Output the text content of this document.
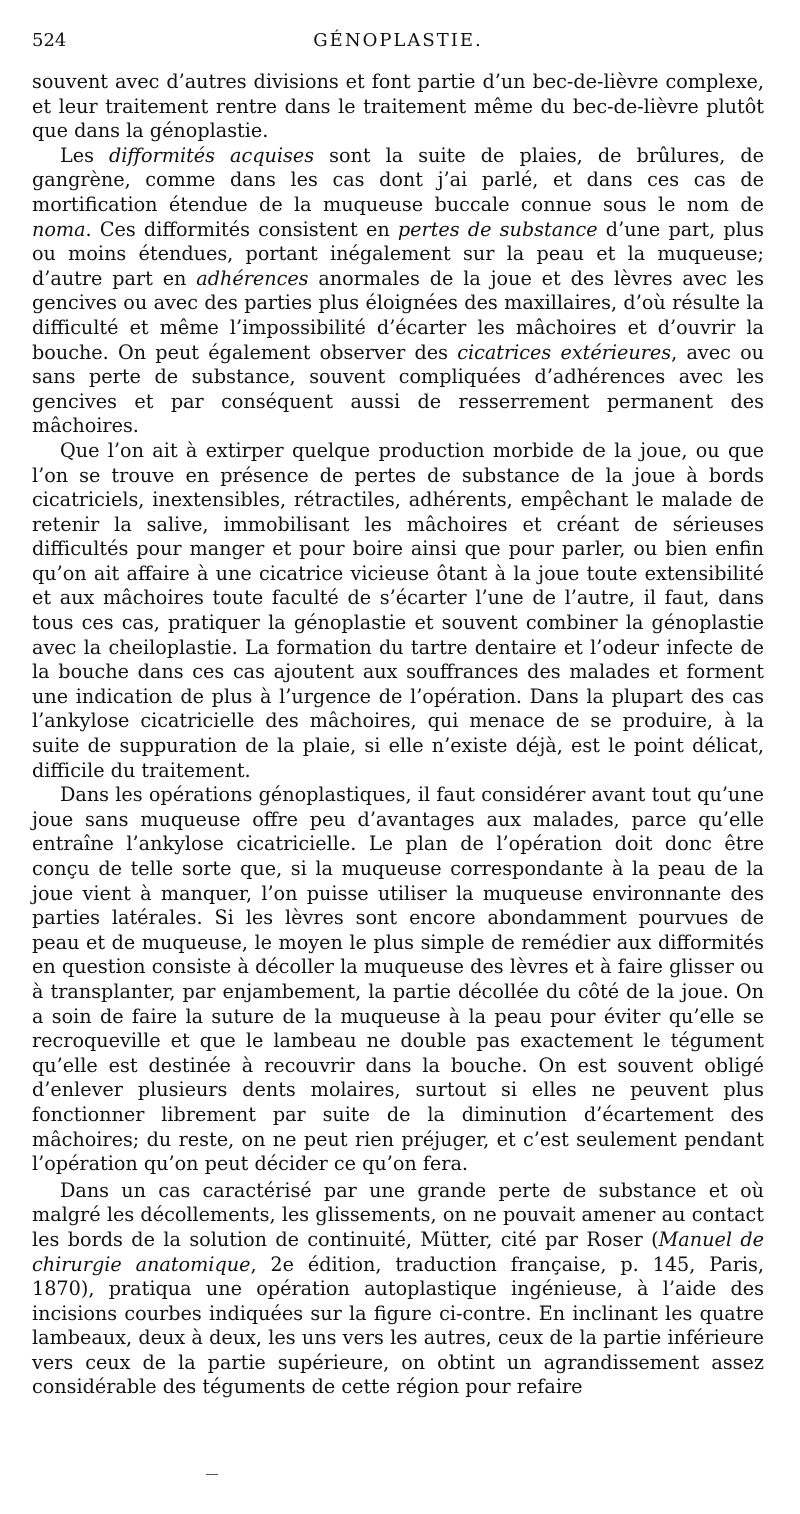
524	GÉNOPLASTIE.

souvent avec d’autres divisions et font partie d’un bec-de-lièvre complexe, et leur traitement rentre dans le traitement même du bec-de-lièvre plutôt que dans la génoplastie.

Les difformités acquises sont la suite de plaies, de brûlures, de gangrène, comme dans les cas dont j’ai parlé, et dans ces cas de mortification étendue de la muqueuse buccale connue sous le nom de noma. Ces difformités consistent en pertes de substance d’une part, plus ou moins étendues, portant inégalement sur la peau et la muqueuse; d’autre part en adhérences anormales de la joue et des lèvres avec les gencives ou avec des parties plus éloignées des maxillaires, d’où résulte la difficulté et même l’impossibilité d’écarter les mâchoires et d’ouvrir la bouche. On peut également observer des cicatrices extérieures, avec ou sans perte de substance, souvent compliquées d’adhérences avec les gencives et par conséquent aussi de resserrement permanent des mâchoires.

Que l’on ait à extirper quelque production morbide de la joue, ou que l’on se trouve en présence de pertes de substance de la joue à bords cicatriciels, inextensibles, rétractiles, adhérents, empêchant le malade de retenir la salive, immobilisant les mâchoires et créant de sérieuses difficultés pour manger et pour boire ainsi que pour parler, ou bien enfin qu’on ait affaire à une cicatrice vicieuse ôtant à la joue toute extensibilité et aux mâchoires toute faculté de s’écarter l’une de l’autre, il faut, dans tous ces cas, pratiquer la génoplastie et souvent combiner la génoplastie avec la cheiloplastie. La formation du tartre dentaire et l’odeur infecte de la bouche dans ces cas ajoutent aux souffrances des malades et forment une indication de plus à l’urgence de l’opération. Dans la plupart des cas l’ankylose cicatricielle des mâchoires, qui menace de se produire, à la suite de suppuration de la plaie, si elle n’existe déjà, est le point délicat, difficile du traitement.

Dans les opérations génoplastiques, il faut considérer avant tout qu’une joue sans muqueuse offre peu d’avantages aux malades, parce qu’elle entraîne l’ankylose cicatricielle. Le plan de l’opération doit donc être conçu de telle sorte que, si la muqueuse correspondante à la peau de la joue vient à manquer, l’on puisse utiliser la muqueuse environnante des parties latérales. Si les lèvres sont encore abondamment pourvues de peau et de muqueuse, le moyen le plus simple de remédier aux difformités en question consiste à décoller la muqueuse des lèvres et à faire glisser ou à transplanter, par enjambement, la partie décollée du côté de la joue. On a soin de faire la suture de la muqueuse à la peau pour éviter qu’elle se recroqueville et que le lambeau ne double pas exactement le tégument qu’elle est destinée à recouvrir dans la bouche. On est souvent obligé d’enlever plusieurs dents molaires, surtout si elles ne peuvent plus fonctionner librement par suite de la diminution d’écartement des mâchoires; du reste, on ne peut rien préjuger, et c’est seulement pendant l’opération qu’on peut décider ce qu’on fera.

Dans un cas caractérisé par une grande perte de substance et où malgré les décollements, les glissements, on ne pouvait amener au contact les bords de la solution de continuité, Mütter, cité par Roser (Manuel de chirurgie anatomique, 2e édition, traduction française, p. 145, Paris, 1870), pratiqua une opération autoplastique ingénieuse, à l’aide des incisions courbes indiquées sur la figure ci-contre. En inclinant les quatre lambeaux, deux à deux, les uns vers les autres, ceux de la partie inférieure vers ceux de la partie supérieure, on obtint un agrandissement assez considérable des téguments de cette région pour refaire
